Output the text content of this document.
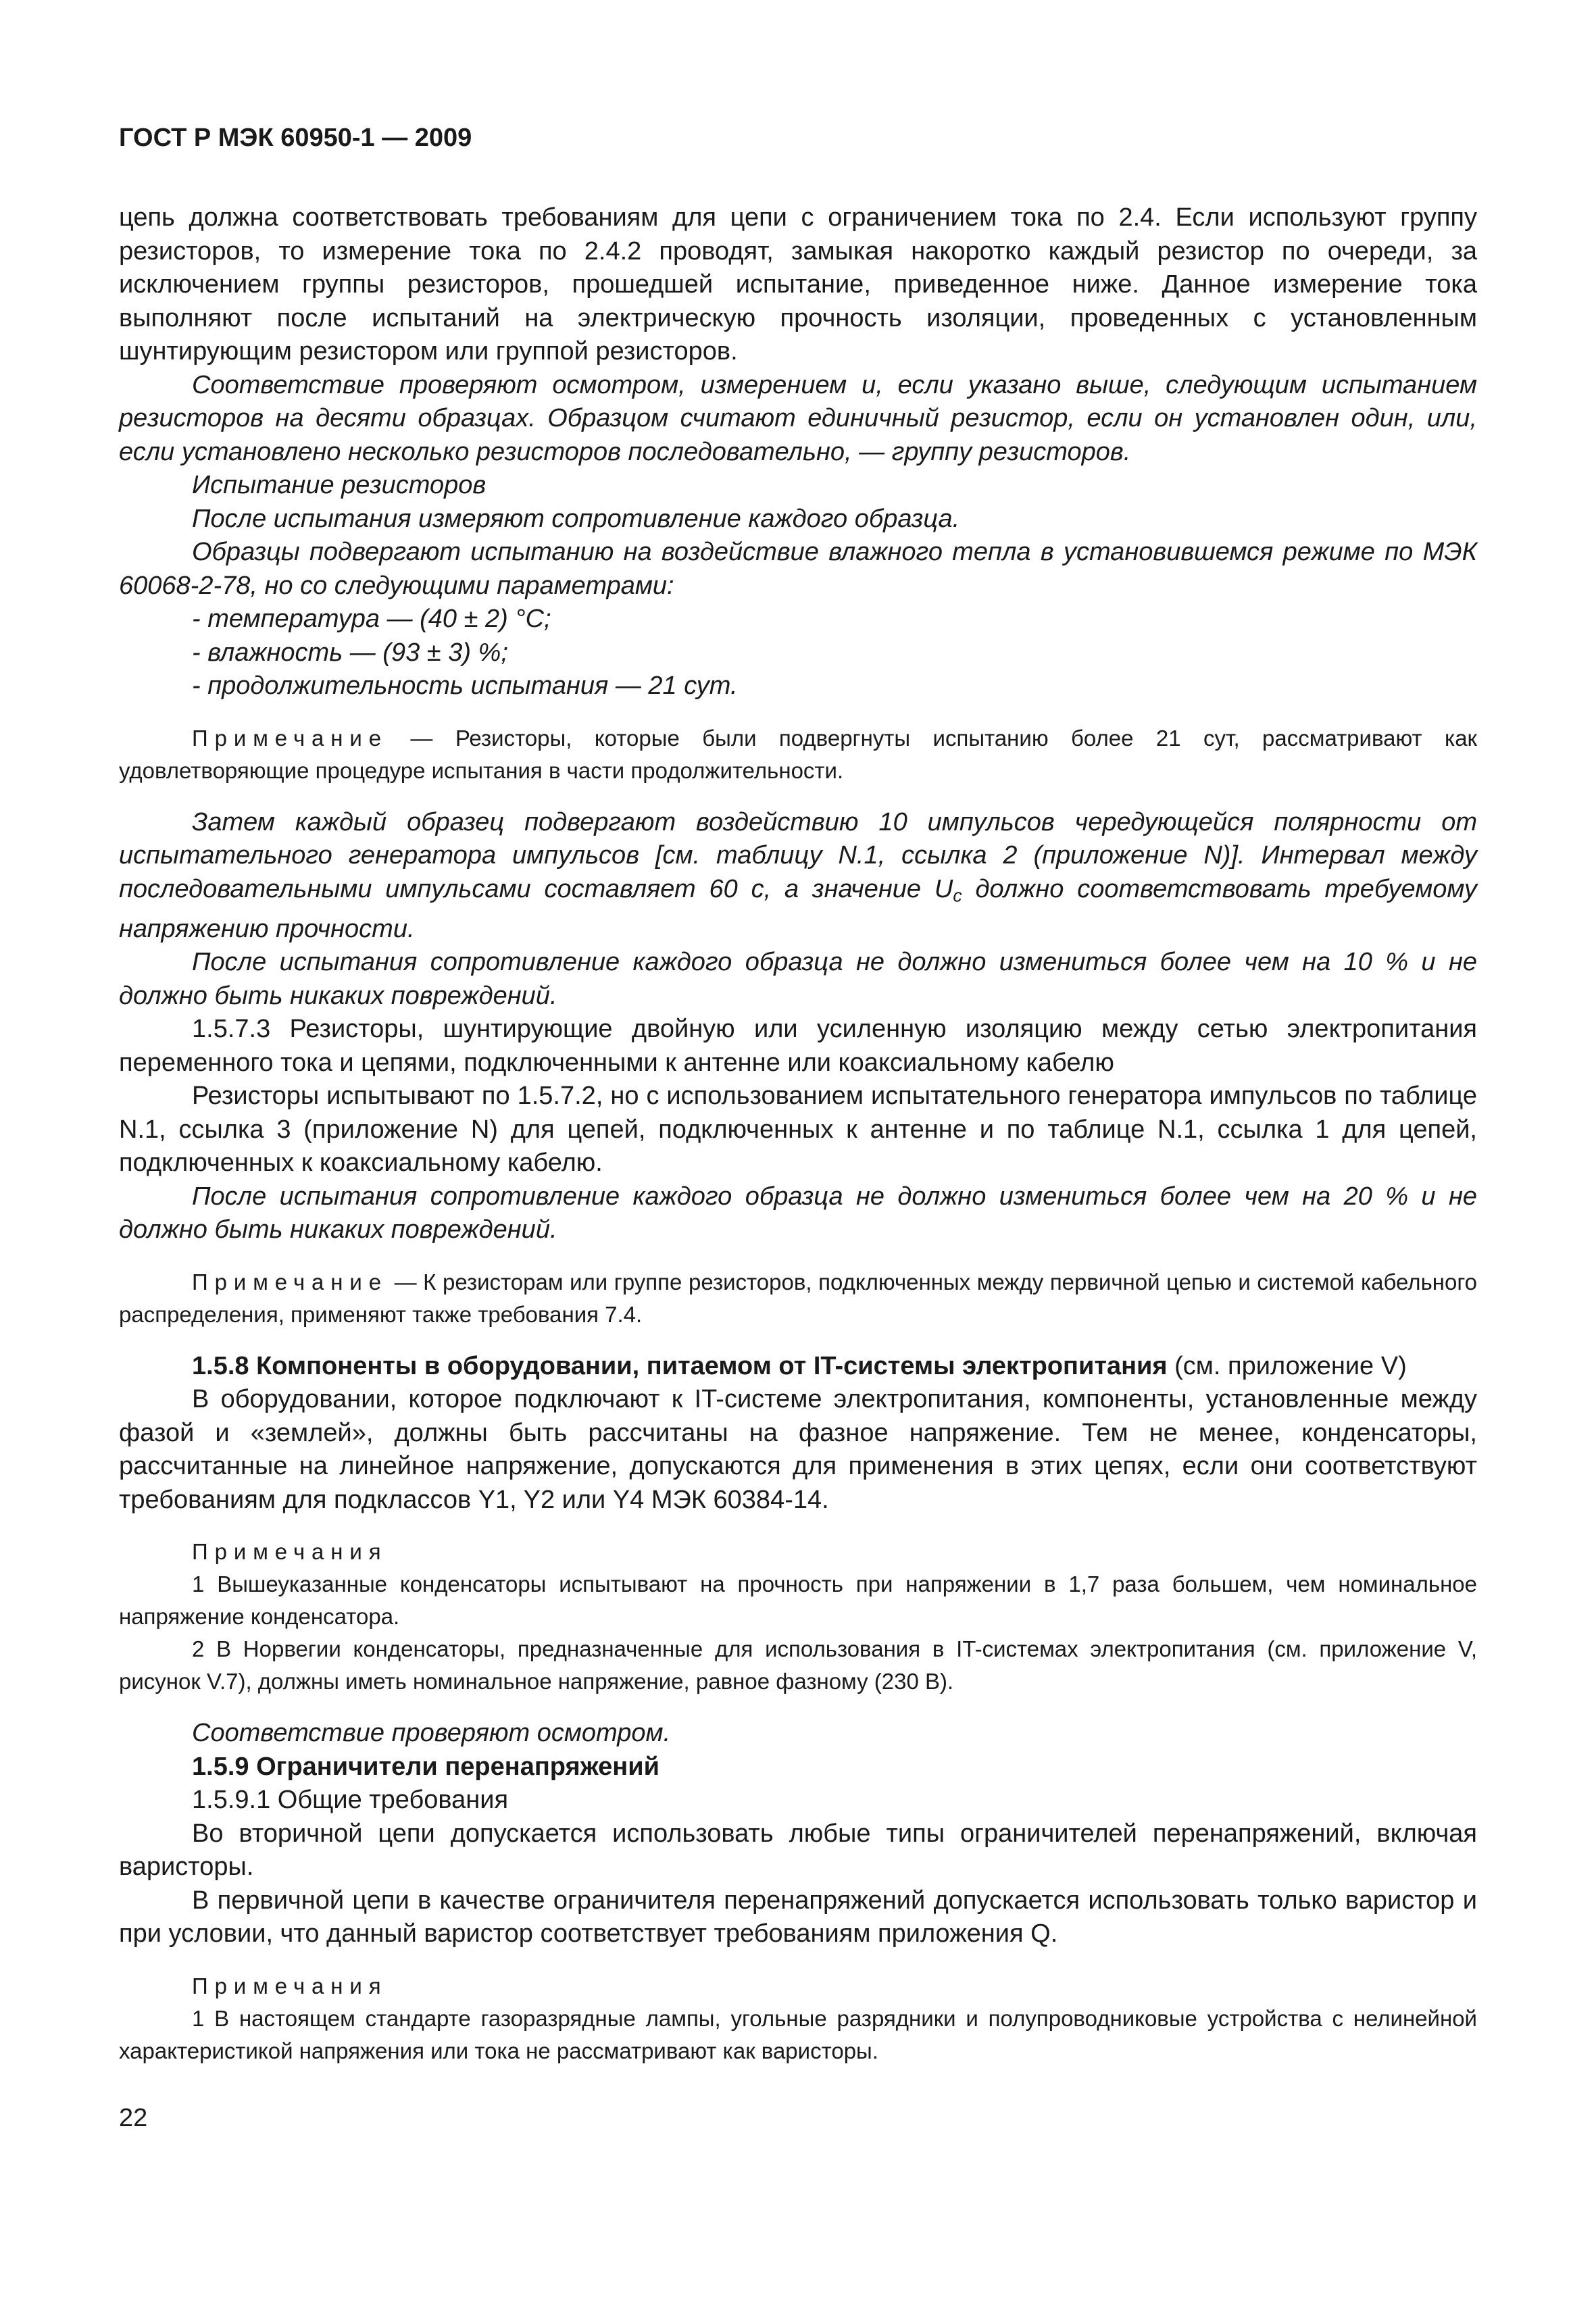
ГОСТ Р МЭК 60950-1 — 2009

цепь должна соответствовать требованиям для цепи с ограничением тока по 2.4. Если используют группу резисторов, то измерение тока по 2.4.2 проводят, замыкая накоротко каждый резистор по очереди, за исключением группы резисторов, прошедшей испытание, приведенное ниже. Данное измерение тока выполняют после испытаний на электрическую прочность изоляции, проведенных с установленным шунтирующим резистором или группой резисторов.

Соответствие проверяют осмотром, измерением и, если указано выше, следующим испытанием резисторов на десяти образцах. Образцом считают единичный резистор, если он установлен один, или, если установлено несколько резисторов последовательно, — группу резисторов.

Испытание резисторов

После испытания измеряют сопротивление каждого образца.

Образцы подвергают испытанию на воздействие влажного тепла в установившемся режиме по МЭК 60068-2-78, но со следующими параметрами:

- температура — (40 ± 2) °С;

- влажность — (93 ± 3) %;

- продолжительность испытания — 21 сут.

Примечание — Резисторы, которые были подвергнуты испытанию более 21 сут, рассматривают как удовлетворяющие процедуре испытания в части продолжительности.

Затем каждый образец подвергают воздействию 10 импульсов чередующейся полярности от испытательного генератора импульсов [см. таблицу N.1, ссылка 2 (приложение N)]. Интервал между последовательными импульсами составляет 60 с, а значение Uc должно соответствовать требуемому напряжению прочности.

После испытания сопротивление каждого образца не должно измениться более чем на 10 % и не должно быть никаких повреждений.

1.5.7.3 Резисторы, шунтирующие двойную или усиленную изоляцию между сетью электропитания переменного тока и цепями, подключенными к антенне или коаксиальному кабелю

Резисторы испытывают по 1.5.7.2, но с использованием испытательного генератора импульсов по таблице N.1, ссылка 3 (приложение N) для цепей, подключенных к антенне и по таблице N.1, ссылка 1 для цепей, подключенных к коаксиальному кабелю.

После испытания сопротивление каждого образца не должно измениться более чем на 20 % и не должно быть никаких повреждений.

Примечание — К резисторам или группе резисторов, подключенных между первичной цепью и системой кабельного распределения, применяют также требования 7.4.

1.5.8 Компоненты в оборудовании, питаемом от IT-системы электропитания (см. приложение V)

В оборудовании, которое подключают к IT-системе электропитания, компоненты, установленные между фазой и «землей», должны быть рассчитаны на фазное напряжение. Тем не менее, конденсаторы, рассчитанные на линейное напряжение, допускаются для применения в этих цепях, если они соответствуют требованиям для подклассов Y1, Y2 или Y4 МЭК 60384-14.

Примечания

1 Вышеуказанные конденсаторы испытывают на прочность при напряжении в 1,7 раза большем, чем номинальное напряжение конденсатора.

2 В Норвегии конденсаторы, предназначенные для использования в IT-системах электропитания (см. приложение V, рисунок V.7), должны иметь номинальное напряжение, равное фазному (230 В).

Соответствие проверяют осмотром.

1.5.9 Ограничители перенапряжений

1.5.9.1 Общие требования

Во вторичной цепи допускается использовать любые типы ограничителей перенапряжений, включая варисторы.

В первичной цепи в качестве ограничителя перенапряжений допускается использовать только варистор и при условии, что данный варистор соответствует требованиям приложения Q.

Примечания

1 В настоящем стандарте газоразрядные лампы, угольные разрядники и полупроводниковые устройства с нелинейной характеристикой напряжения или тока не рассматривают как варисторы.

22
